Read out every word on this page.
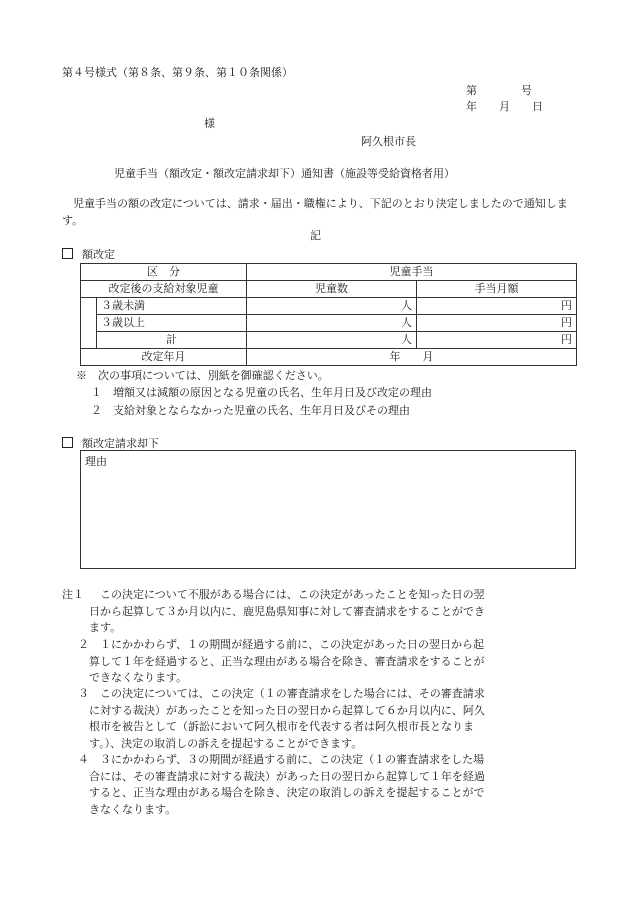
第４号様式（第８条、第９条、第１０条関係）
第　　　　号
年　　月　　日
様
阿久根市長
児童手当（額改定・額改定請求却下）通知書（施設等受給資格者用）
児童手当の額の改定については、請求・届出・職権により、下記のとおり決定しましたので通知します。
記
額改定
区　分		児童手当	
改定後の支給対象児童		児童数	手当月額
	３歳未満	人	円
	３歳以上	人	円
	計	人	円
改定年月		年　　月	
※　次の事項については、別紙を御確認ください。
１　増額又は減額の原因となる児童の氏名、生年月日及び改定の理由
２　支給対象とならなかった児童の氏名、生年月日及びその理由
額改定請求却下
理由
注１	この決定について不服がある場合には、この決定があったことを知った日の翌
日から起算して３か月以内に、鹿児島県知事に対して審査請求をすることができ
ます。
２	１にかかわらず、１の期間が経過する前に、この決定があった日の翌日から起
算して１年を経過すると、正当な理由がある場合を除き、審査請求をすることが
できなくなります。
３	この決定については、この決定（１の審査請求をした場合には、その審査請求
に対する裁決）があったことを知った日の翌日から起算して６か月以内に、阿久
根市を被告として（訴訟において阿久根市を代表する者は阿久根市長となりま
す。）、決定の取消しの訴えを提起することができます。
４	３にかかわらず、３の期間が経過する前に、この決定（１の審査請求をした場
合には、その審査請求に対する裁決）があった日の翌日から起算して１年を経過
すると、正当な理由がある場合を除き、決定の取消しの訴えを提起することがで
きなくなります。
